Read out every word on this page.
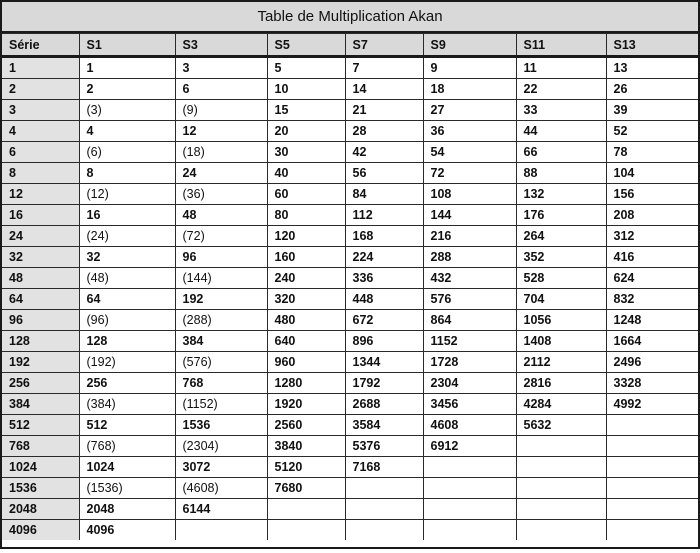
Table de Multiplication Akan
Série	S1	S3	S5	S7	S9	S11	S13
1	1	3	5	7	9	11	13
2	2	6	10	14	18	22	26
3	(3)	(9)	15	21	27	33	39
4	4	12	20	28	36	44	52
6	(6)	(18)	30	42	54	66	78
8	8	24	40	56	72	88	104
12	(12)	(36)	60	84	108	132	156
16	16	48	80	112	144	176	208
24	(24)	(72)	120	168	216	264	312
32	32	96	160	224	288	352	416
48	(48)	(144)	240	336	432	528	624
64	64	192	320	448	576	704	832
96	(96)	(288)	480	672	864	1056	1248
128	128	384	640	896	1152	1408	1664
192	(192)	(576)	960	1344	1728	2112	2496
256	256	768	1280	1792	2304	2816	3328
384	(384)	(1152)	1920	2688	3456	4284	4992
512	512	1536	2560	3584	4608	5632	
768	(768)	(2304)	3840	5376	6912		
1024	1024	3072	5120	7168			
1536	(1536)	(4608)	7680				
2048	2048	6144					
4096	4096						
